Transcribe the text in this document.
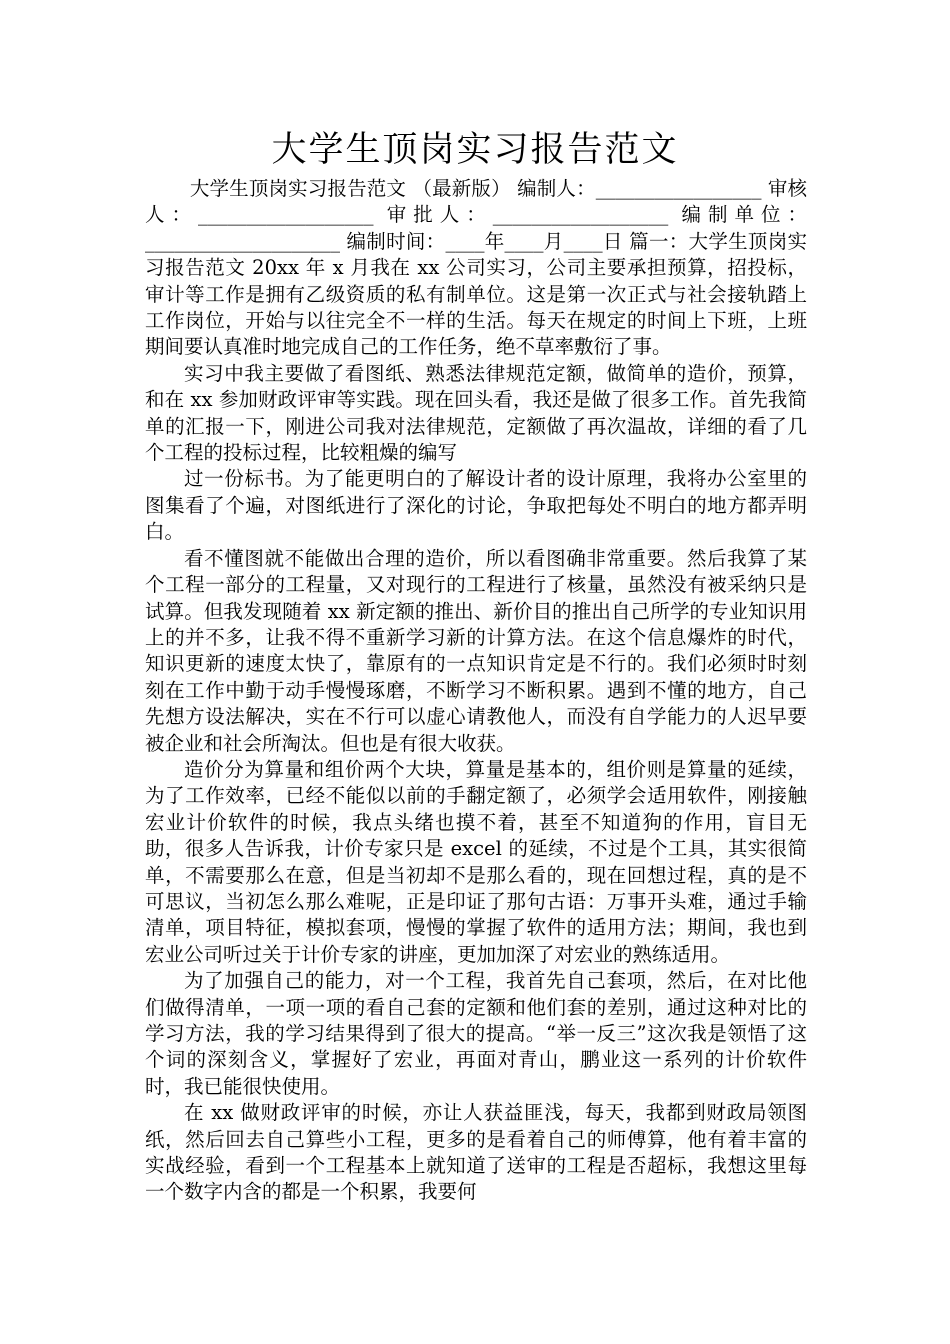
大学生顶岗实习报告范文

大学生顶岗实习报告范文 （最新版） 编制人：_________________ 审核人：__________________ 审批人：__________________ 编制单位：____________________ 编制时间：____年____月____日 篇一：大学生顶岗实习报告范文 20xx 年 x 月我在 xx 公司实习，公司主要承担预算，招投标，审计等工作是拥有乙级资质的私有制单位。这是第一次正式与社会接轨踏上工作岗位，开始与以往完全不一样的生活。每天在规定的时间上下班，上班期间要认真准时地完成自己的工作任务，绝不草率敷衍了事。

实习中我主要做了看图纸、熟悉法律规范定额，做简单的造价，预算，和在 xx 参加财政评审等实践。现在回头看，我还是做了很多工作。首先我简单的汇报一下，刚进公司我对法律规范，定额做了再次温故，详细的看了几个工程的投标过程，比较粗燥的编写

过一份标书。为了能更明白的了解设计者的设计原理，我将办公室里的图集看了个遍，对图纸进行了深化的讨论，争取把每处不明白的地方都弄明白。

看不懂图就不能做出合理的造价，所以看图确非常重要。然后我算了某个工程一部分的工程量，又对现行的工程进行了核量，虽然没有被采纳只是试算。但我发现随着 xx 新定额的推出、新价目的推出自己所学的专业知识用上的并不多，让我不得不重新学习新的计算方法。在这个信息爆炸的时代，知识更新的速度太快了，靠原有的一点知识肯定是不行的。我们必须时时刻刻在工作中勤于动手慢慢琢磨，不断学习不断积累。遇到不懂的地方，自己先想方设法解决，实在不行可以虚心请教他人，而没有自学能力的人迟早要被企业和社会所淘汰。但也是有很大收获。

造价分为算量和组价两个大块，算量是基本的，组价则是算量的延续，为了工作效率，已经不能似以前的手翻定额了，必须学会适用软件，刚接触宏业计价软件的时候，我点头绪也摸不着，甚至不知道狗的作用，盲目无助，很多人告诉我，计价专家只是 excel 的延续，不过是个工具，其实很简单，不需要那么在意，但是当初却不是那么看的，现在回想过程，真的是不可思议，当初怎么那么难呢，正是印证了那句古语：万事开头难，通过手输清单，项目特征，模拟套项，慢慢的掌握了软件的适用方法；期间，我也到宏业公司听过关于计价专家的讲座，更加加深了对宏业的熟练适用。

为了加强自己的能力，对一个工程，我首先自己套项，然后，在对比他们做得清单，一项一项的看自己套的定额和他们套的差别，通过这种对比的学习方法，我的学习结果得到了很大的提高。“举一反三”这次我是领悟了这个词的深刻含义，掌握好了宏业，再面对青山，鹏业这一系列的计价软件时，我已能很快使用。

在 xx 做财政评审的时候，亦让人获益匪浅，每天，我都到财政局领图纸，然后回去自己算些小工程，更多的是看着自己的师傅算，他有着丰富的实战经验，看到一个工程基本上就知道了送审的工程是否超标，我想这里每一个数字内含的都是一个积累，我要何
